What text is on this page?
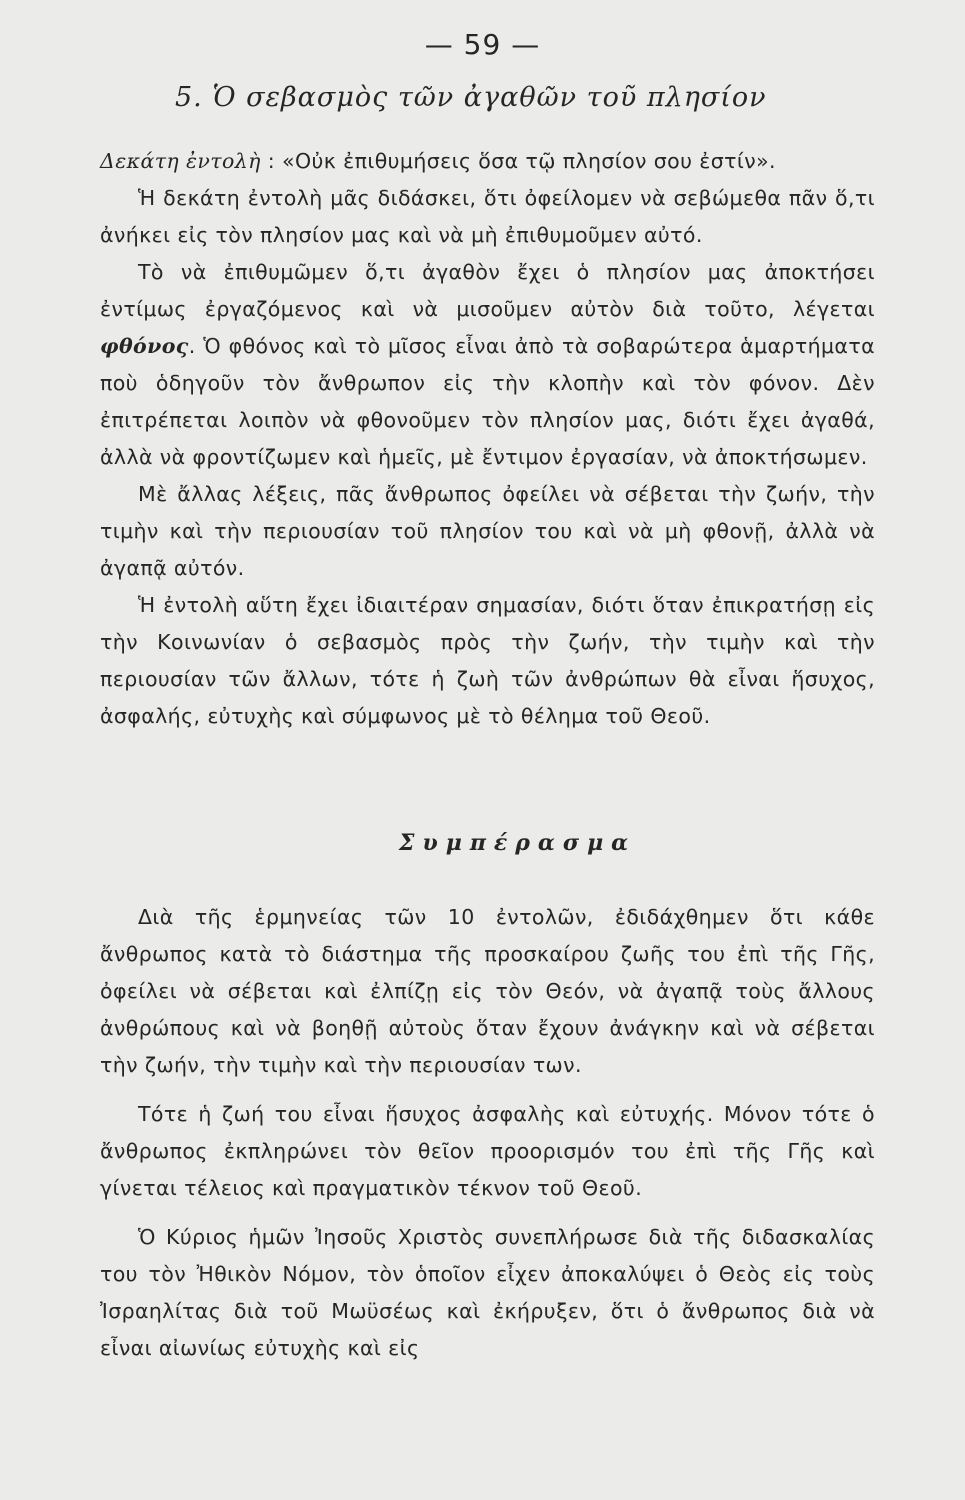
— 59 —
5. Ὁ σεβασμὸς τῶν ἀγαθῶν τοῦ πλησίον

Δεκάτη ἐντολὴ : «Οὐκ ἐπιθυμήσεις ὅσα τῷ πλησίον σου ἐστίν».

Ἡ δεκάτη ἐντολὴ μᾶς διδάσκει, ὅτι ὀφείλομεν νὰ σεβώμεθα πᾶν ὅ,τι ἀνήκει εἰς τὸν πλησίον μας καὶ νὰ μὴ ἐπιθυμοῦμεν αὐτό.

Τὸ νὰ ἐπιθυμῶμεν ὅ,τι ἀγαθὸν ἔχει ὁ πλησίον μας ἀποκτήσει ἐντίμως ἐργαζόμενος καὶ νὰ μισοῦμεν αὐτὸν διὰ τοῦτο, λέγεται φθόνος. Ὁ φθόνος καὶ τὸ μῖσος εἶναι ἀπὸ τὰ σοβαρώτερα ἁμαρτήματα ποὺ ὁδηγοῦν τὸν ἄνθρωπον εἰς τὴν κλοπὴν καὶ τὸν φόνον. Δὲν ἐπιτρέπεται λοιπὸν νὰ φθονοῦμεν τὸν πλησίον μας, διότι ἔχει ἀγαθά, ἀλλὰ νὰ φροντίζωμεν καὶ ἡμεῖς, μὲ ἔντιμον ἐργασίαν, νὰ ἀποκτήσωμεν.

Μὲ ἄλλας λέξεις, πᾶς ἄνθρωπος ὀφείλει νὰ σέβεται τὴν ζωήν, τὴν τιμὴν καὶ τὴν περιουσίαν τοῦ πλησίον του καὶ νὰ μὴ φθονῇ, ἀλλὰ νὰ ἀγαπᾷ αὐτόν.

Ἡ ἐντολὴ αὕτη ἔχει ἰδιαιτέραν σημασίαν, διότι ὅταν ἐπικρατήσῃ εἰς τὴν Κοινωνίαν ὁ σεβασμὸς πρὸς τὴν ζωήν, τὴν τιμὴν καὶ τὴν περιουσίαν τῶν ἄλλων, τότε ἡ ζωὴ τῶν ἀνθρώπων θὰ εἶναι ἥσυχος, ἀσφαλής, εὐτυχὴς καὶ σύμφωνος μὲ τὸ θέλημα τοῦ Θεοῦ.

Συμπέρασμα

Διὰ τῆς ἑρμηνείας τῶν 10 ἐντολῶν, ἐδιδάχθημεν ὅτι κάθε ἄνθρωπος κατὰ τὸ διάστημα τῆς προσκαίρου ζωῆς του ἐπὶ τῆς Γῆς, ὀφείλει νὰ σέβεται καὶ ἐλπίζῃ εἰς τὸν Θεόν, νὰ ἀγαπᾷ τοὺς ἄλλους ἀνθρώπους καὶ νὰ βοηθῇ αὐτοὺς ὅταν ἔχουν ἀνάγκην καὶ νὰ σέβεται τὴν ζωήν, τὴν τιμὴν καὶ τὴν περιουσίαν των.

Τότε ἡ ζωή του εἶναι ἥσυχος ἀσφαλὴς καὶ εὐτυχής. Μόνον τότε ὁ ἄνθρωπος ἐκπληρώνει τὸν θεῖον προορισμόν του ἐπὶ τῆς Γῆς καὶ γίνεται τέλειος καὶ πραγματικὸν τέκνον τοῦ Θεοῦ.

Ὁ Κύριος ἡμῶν Ἰησοῦς Χριστὸς συνεπλήρωσε διὰ τῆς διδασκαλίας του τὸν Ἠθικὸν Νόμον, τὸν ὁποῖον εἶχεν ἀποκαλύψει ὁ Θεὸς εἰς τοὺς Ἰσραηλίτας διὰ τοῦ Μωϋσέως καὶ ἐκήρυξεν, ὅτι ὁ ἄνθρωπος διὰ νὰ εἶναι αἰωνίως εὐτυχὴς καὶ εἰς
